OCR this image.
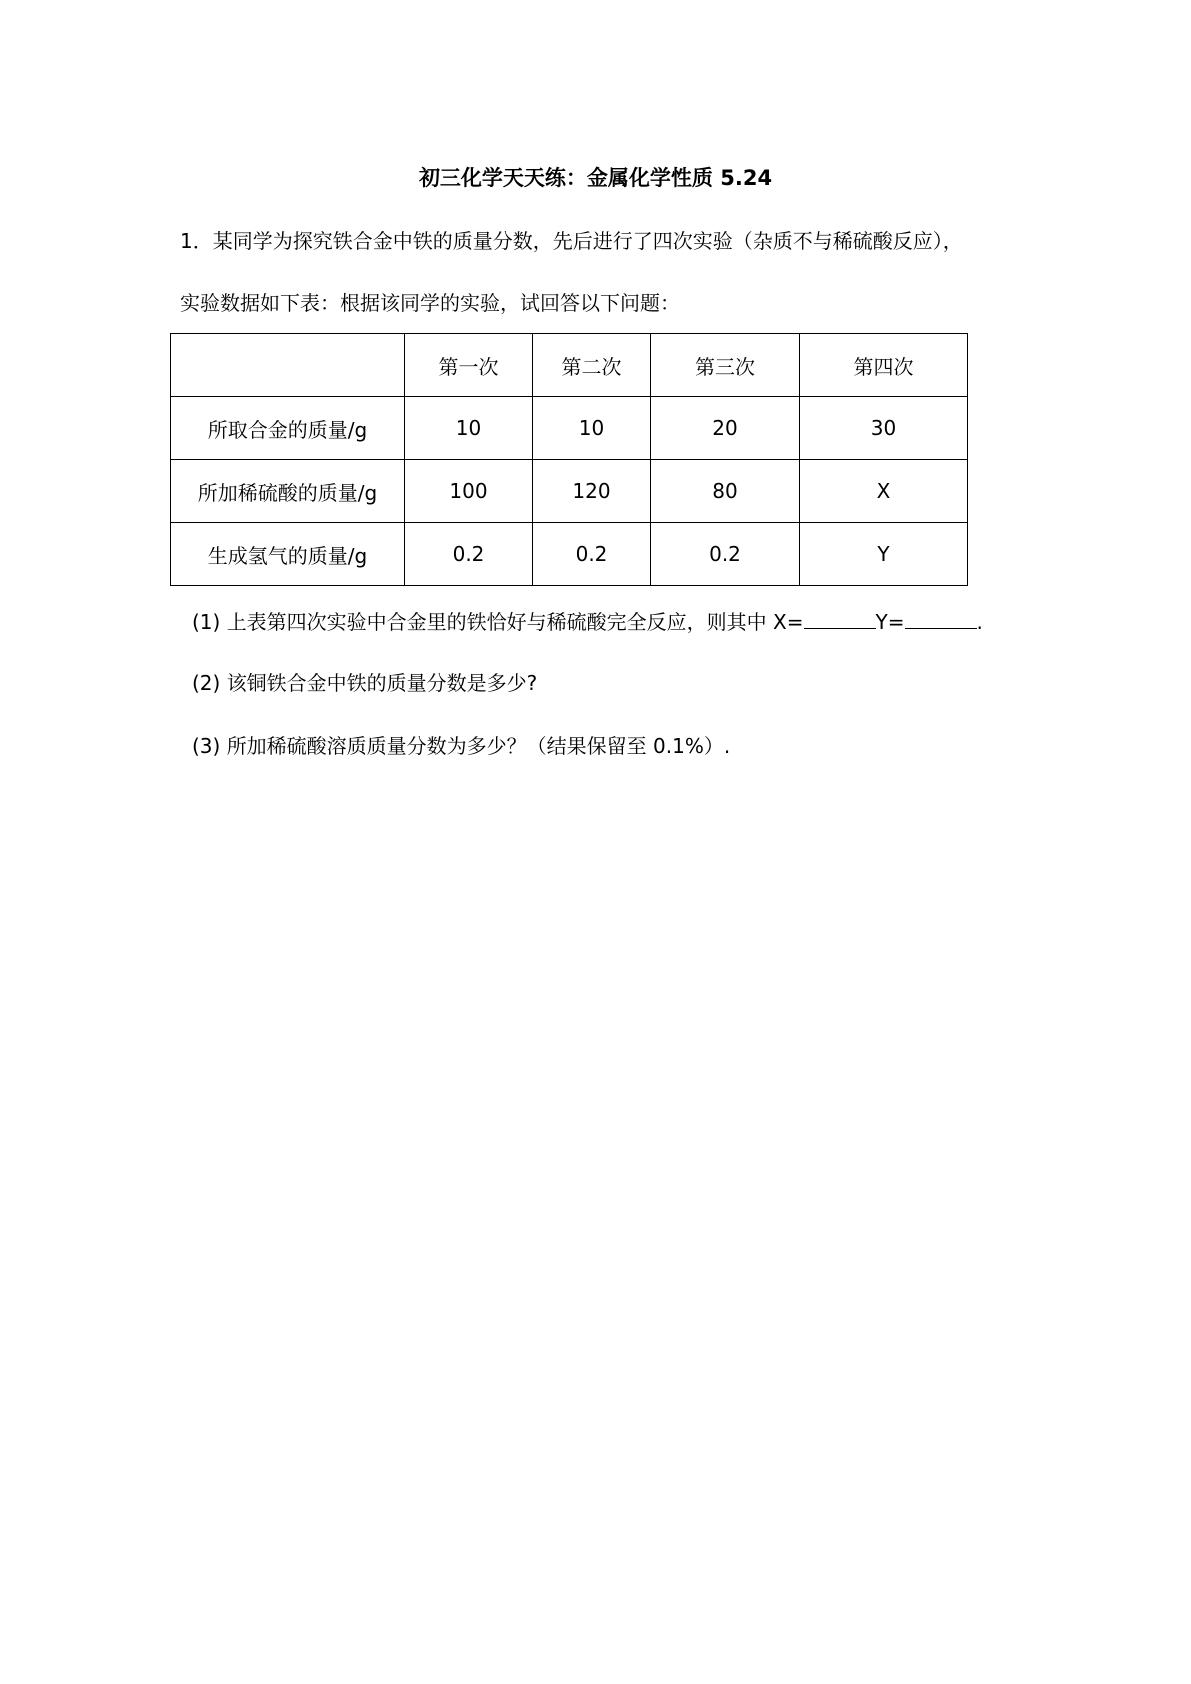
初三化学天天练：金属化学性质 5.24
1．某同学为探究铁合金中铁的质量分数，先后进行了四次实验（杂质不与稀硫酸反应），
实验数据如下表：根据该同学的实验，试回答以下问题：
	第一次	第二次	第三次	第四次
所取合金的质量/g	10	10	20	30
所加稀硫酸的质量/g	100	120	80	X
生成氢气的质量/g	0.2	0.2	0.2	Y
(1) 上表第四次实验中合金里的铁恰好与稀硫酸完全反应，则其中 X=	Y=	.
(2) 该铜铁合金中铁的质量分数是多少?
(3) 所加稀硫酸溶质质量分数为多少？（结果保留至 0.1%）.
